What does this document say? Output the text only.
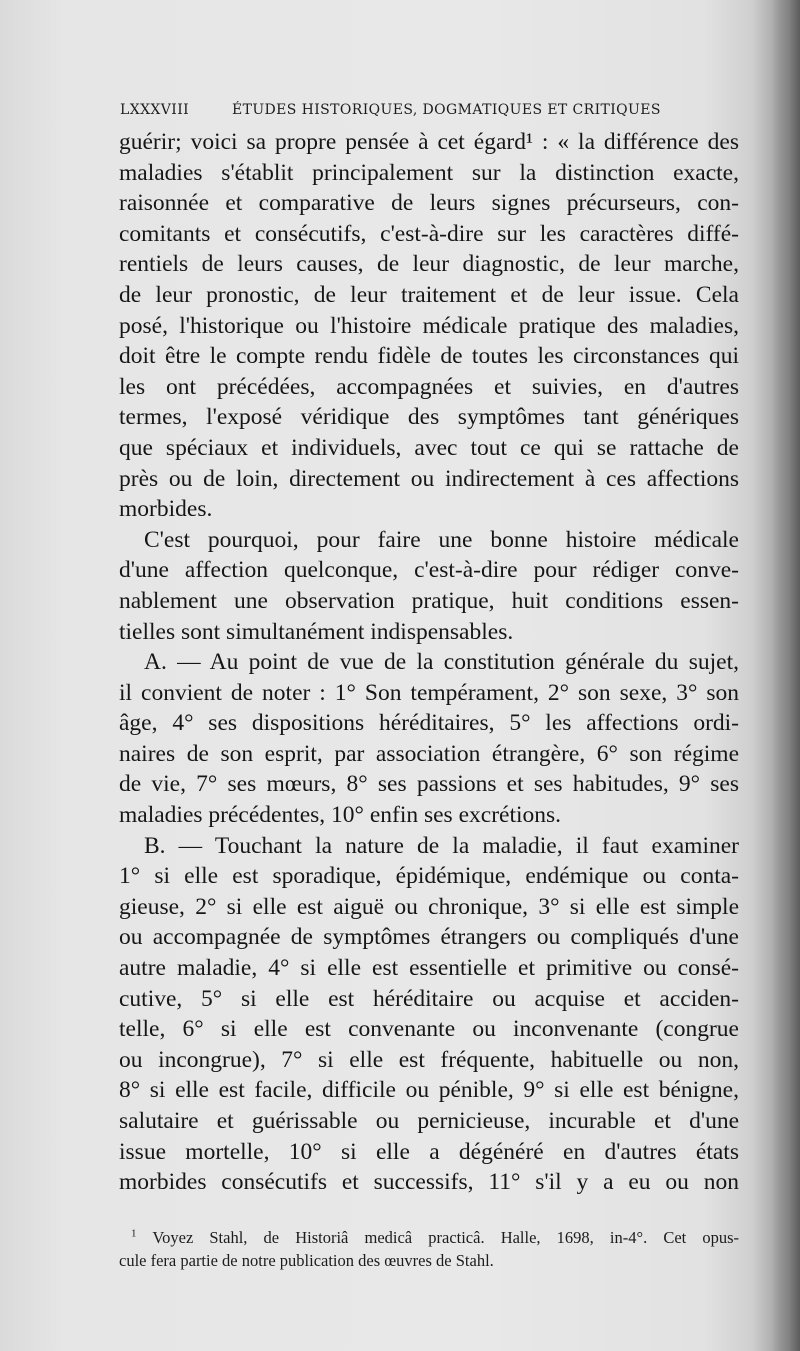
LXXXVIII	ÉTUDES HISTORIQUES, DOGMATIQUES ET CRITIQUES
guérir; voici sa propre pensée à cet égard¹ : « la différence des
maladies s'établit principalement sur la distinction exacte,
raisonnée et comparative de leurs signes précurseurs, con-
comitants et consécutifs, c'est-à-dire sur les caractères diffé-
rentiels de leurs causes, de leur diagnostic, de leur marche,
de leur pronostic, de leur traitement et de leur issue. Cela
posé, l'historique ou l'histoire médicale pratique des maladies,
doit être le compte rendu fidèle de toutes les circonstances qui
les ont précédées, accompagnées et suivies, en d'autres
termes, l'exposé véridique des symptômes tant génériques
que spéciaux et individuels, avec tout ce qui se rattache de
près ou de loin, directement ou indirectement à ces affections
morbides.
C'est pourquoi, pour faire une bonne histoire médicale
d'une affection quelconque, c'est-à-dire pour rédiger conve-
nablement une observation pratique, huit conditions essen-
tielles sont simultanément indispensables.
A. — Au point de vue de la constitution générale du sujet,
il convient de noter : 1° Son tempérament, 2° son sexe, 3° son
âge, 4° ses dispositions héréditaires, 5° les affections ordi-
naires de son esprit, par association étrangère, 6° son régime
de vie, 7° ses mœurs, 8° ses passions et ses habitudes, 9° ses
maladies précédentes, 10° enfin ses excrétions.
B. — Touchant la nature de la maladie, il faut examiner
1° si elle est sporadique, épidémique, endémique ou conta-
gieuse, 2° si elle est aiguë ou chronique, 3° si elle est simple
ou accompagnée de symptômes étrangers ou compliqués d'une
autre maladie, 4° si elle est essentielle et primitive ou consé-
cutive, 5° si elle est héréditaire ou acquise et acciden-
telle, 6° si elle est convenante ou inconvenante (congrue
ou incongrue), 7° si elle est fréquente, habituelle ou non,
8° si elle est facile, difficile ou pénible, 9° si elle est bénigne,
salutaire et guérissable ou pernicieuse, incurable et d'une
issue mortelle, 10° si elle a dégénéré en d'autres états
morbides consécutifs et successifs, 11° s'il y a eu ou non
$^1$ Voyez Stahl, de Historiâ medicâ practicâ. Halle, 1698, in-4°. Cet opus-
cule fera partie de notre publication des œuvres de Stahl.
